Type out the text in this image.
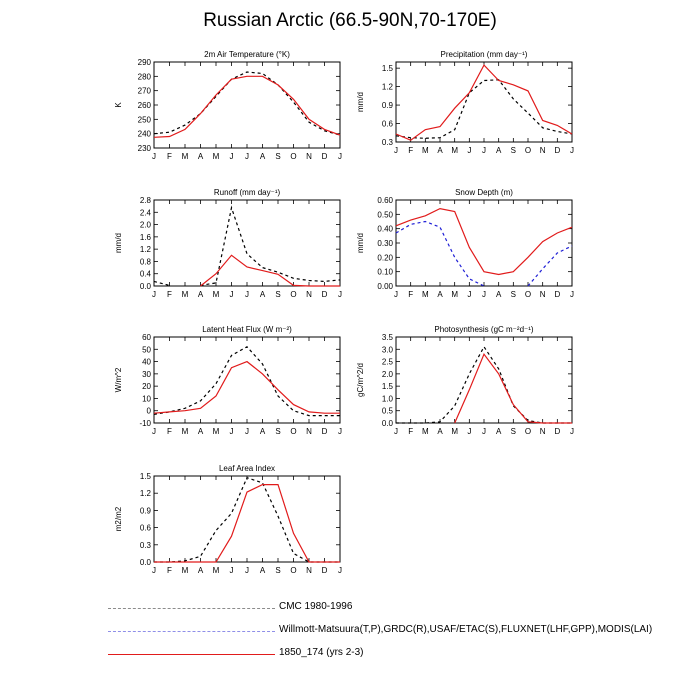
Russian Arctic (66.5-90N,70-170E)
2m Air Temperature (°K)
K
230
240
250
260
270
280
290
J F M A M J J A S O N D J
Precipitation (mm day⁻¹)
mm/d
0.3
0.6
0.9
1.2
1.5
J F M A M J J A S O N D J
Runoff (mm day⁻¹)
mm/d
0.0
0.4
0.8
1.2
1.6
2.0
2.4
2.8
J F M A M J J A S O N D J
Snow Depth (m)
mm/d
0.00
0.10
0.20
0.30
0.40
0.50
0.60
J F M A M J J A S O N D J
Latent Heat Flux (W m⁻²)
W/m^2
-10
0
10
20
30
40
50
60
J F M A M J J A S O N D J
Photosynthesis (gC m⁻²d⁻¹)
gC/m^2/d
0.0
0.5
1.0
1.5
2.0
2.5
3.0
3.5
J F M A M J J A S O N D J
Leaf Area Index
m2/m2
0.0
0.3
0.6
0.9
1.2
1.5
J F M A M J J A S O N D J
CMC 1980-1996
Willmott-Matsuura(T,P),GRDC(R),USAF/ETAC(S),FLUXNET(LHF,GPP),MODIS(LAI)
1850_174 (yrs 2-3)
